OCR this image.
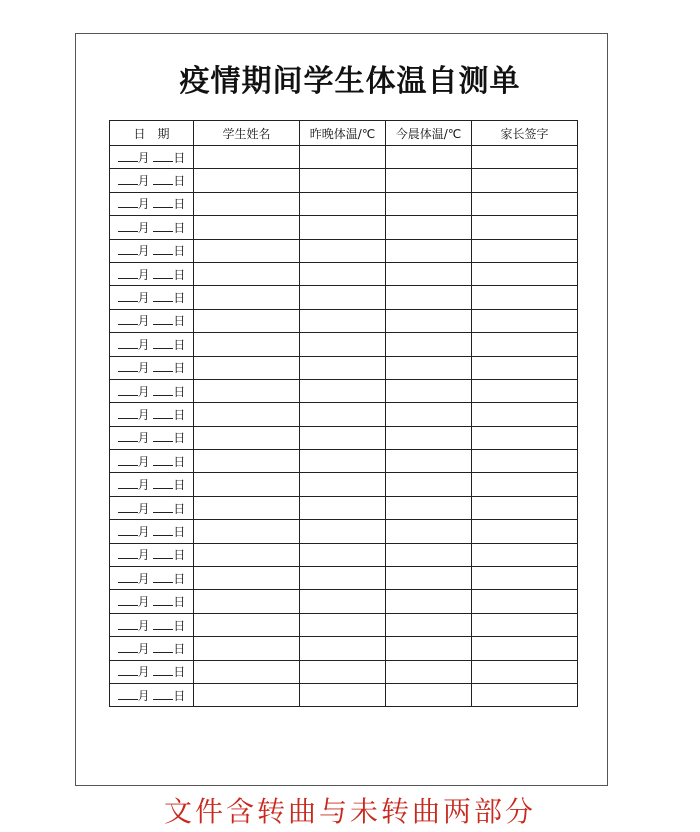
疫情期间学生体温自测单
日　期	学生姓名	昨晚体温/℃	今晨体温/℃	家长签字
月 日				
月 日				
月 日				
月 日				
月 日				
月 日				
月 日				
月 日				
月 日				
月 日				
月 日				
月 日				
月 日				
月 日				
月 日				
月 日				
月 日				
月 日				
月 日				
月 日				
月 日				
月 日				
月 日				
月 日				
文件含转曲与未转曲两部分
